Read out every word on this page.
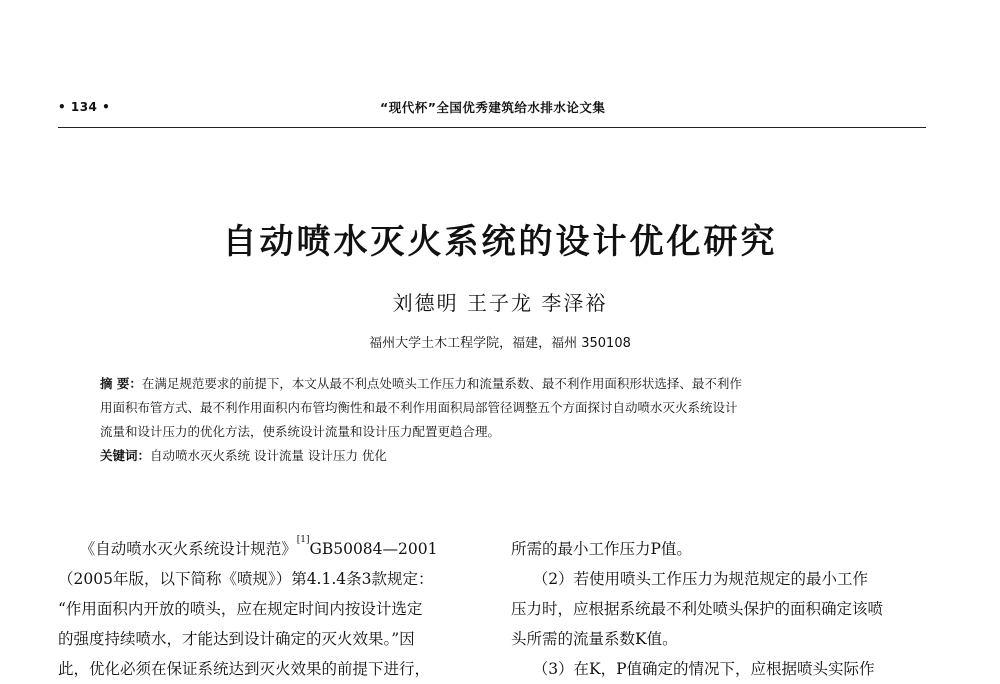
• 134 •	“现代杯”全国优秀建筑给水排水论文集
自动喷水灭火系统的设计优化研究
刘德明 王子龙 李泽裕
福州大学土木工程学院，福建，福州 350108
摘 要：在满足规范要求的前提下，本文从最不利点处喷头工作压力和流量系数、最不利作用面积形状选择、最不利作
用面积布管方式、最不利作用面积内布管均衡性和最不利作用面积局部管径调整五个方面探讨自动喷水灭火系统设计
流量和设计压力的优化方法，使系统设计流量和设计压力配置更趋合理。
关键词：自动喷水灭火系统 设计流量 设计压力 优化
《自动喷水灭火系统设计规范》[1]GB50084—2001
（2005年版，以下简称《喷规》）第4.1.4条3款规定：
“作用面积内开放的喷头，应在规定时间内按设计选定
的强度持续喷水，才能达到设计确定的灭火效果。”因
此，优化必须在保证系统达到灭火效果的前提下进行，
所需的最小工作压力P值。
（2）若使用喷头工作压力为规范规定的最小工作
压力时，应根据系统最不利处喷头保护的面积确定该喷
头所需的流量系数K值。
（3）在K，P值确定的情况下，应根据喷头实际作
